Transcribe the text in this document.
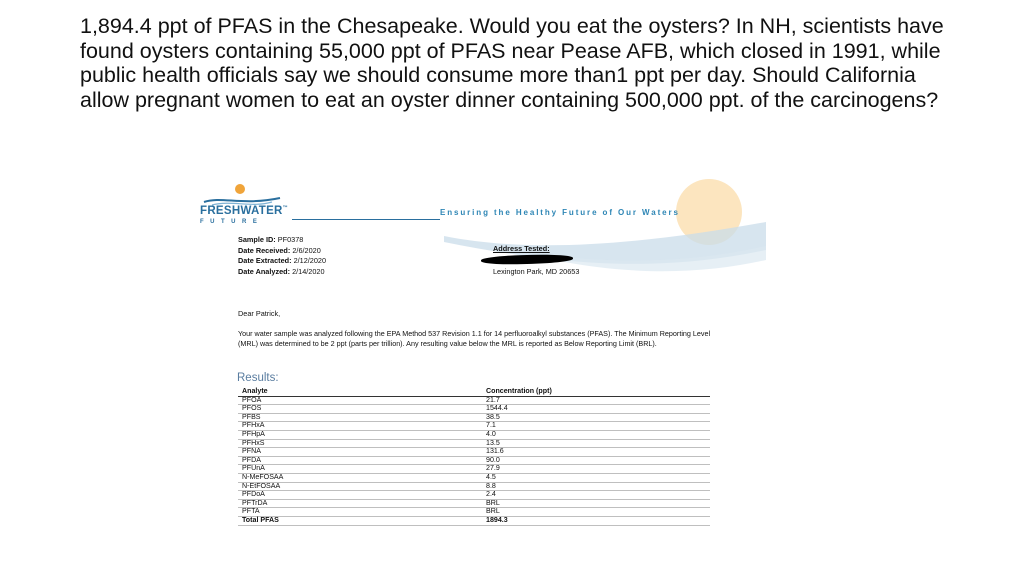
1,894.4 ppt of PFAS in the Chesapeake. Would you eat the oysters? In NH, scientists have found oysters containing 55,000 ppt of PFAS near Pease AFB, which closed in 1991, while public health officials say we should consume more than1 ppt per day. Should California allow pregnant women to eat an oyster dinner containing 500,000 ppt. of the carcinogens?
FRESHWATER™
FUTURE
Ensuring the Healthy Future of Our Waters
Sample ID: PF0378
Date Received: 2/6/2020
Date Extracted: 2/12/2020
Date Analyzed: 2/14/2020
Address Tested:
Lexington Park, MD 20653
Dear Patrick,
Your water sample was analyzed following the EPA Method 537 Revision 1.1 for 14 perfluoroalkyl substances (PFAS). The Minimum Reporting Level (MRL) was determined to be 2 ppt (parts per trillion). Any resulting value below the MRL is reported as Below Reporting Limit (BRL).
Results:
Analyte	Concentration (ppt)
PFOA	21.7
PFOS	1544.4
PFBS	38.5
PFHxA	7.1
PFHpA	4.0
PFHxS	13.5
PFNA	131.6
PFDA	90.0
PFUnA	27.9
N-MeFOSAA	4.5
N-EtFOSAA	8.8
PFDoA	2.4
PFTrDA	BRL
PFTA	BRL
Total PFAS	1894.3
